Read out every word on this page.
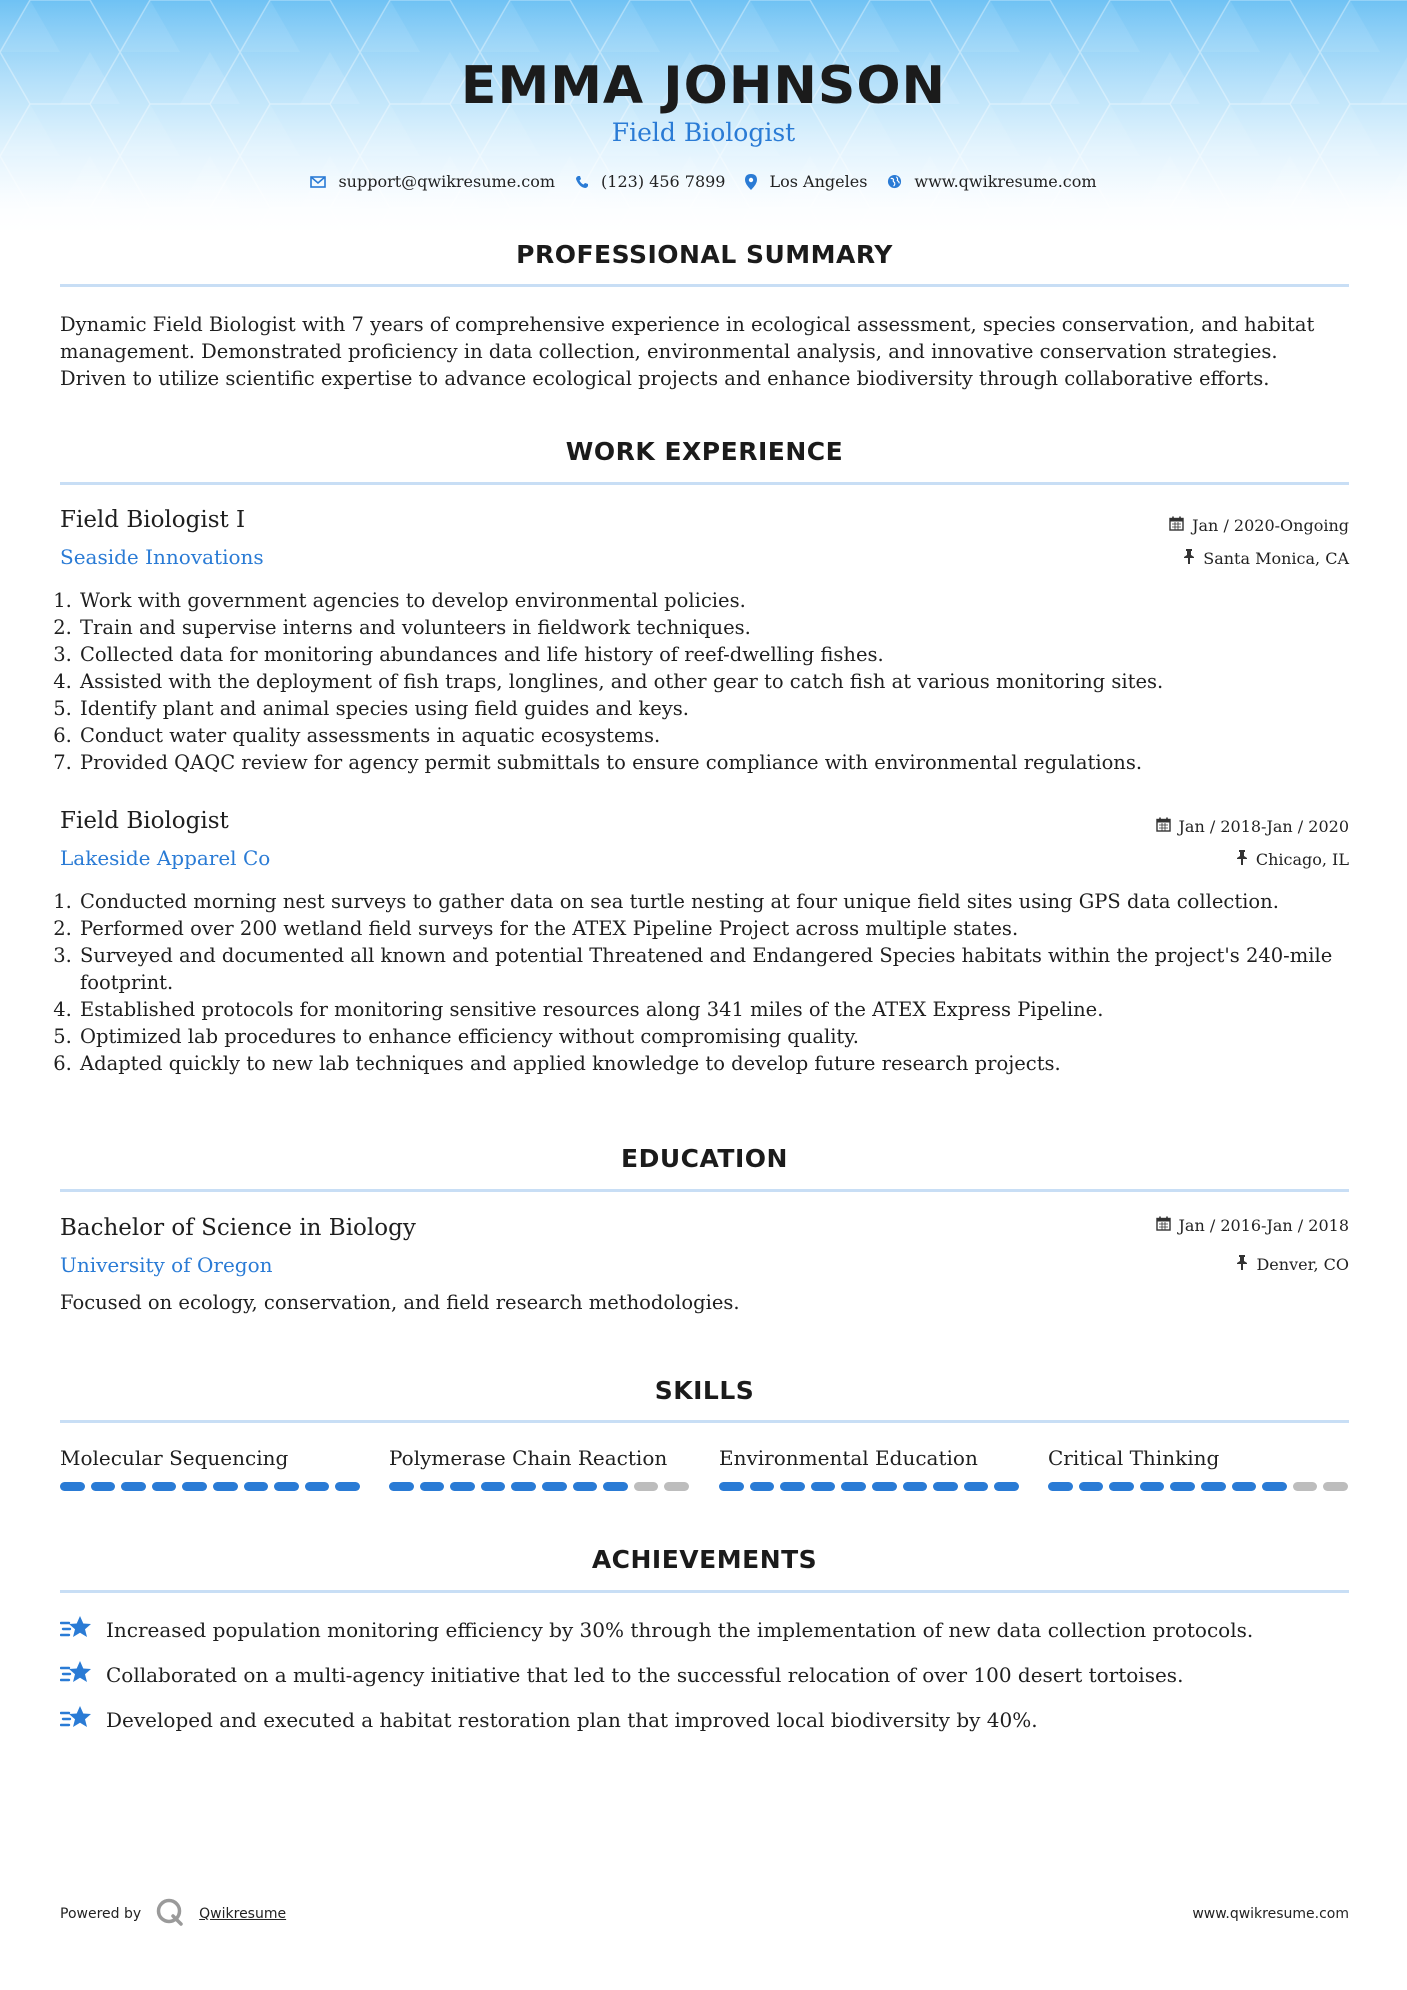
EMMA JOHNSON
Field Biologist
support@qwikresume.com	(123) 456 7899	Los Angeles	www.qwikresume.com
PROFESSIONAL SUMMARY
Dynamic Field Biologist with 7 years of comprehensive experience in ecological assessment, species conservation, and habitat management. Demonstrated proficiency in data collection, environmental analysis, and innovative conservation strategies. Driven to utilize scientific expertise to advance ecological projects and enhance biodiversity through collaborative efforts.
WORK EXPERIENCE
Field Biologist I
Seaside Innovations
Jan / 2020-Ongoing
Santa Monica, CA
1. Work with government agencies to develop environmental policies.
2. Train and supervise interns and volunteers in fieldwork techniques.
3. Collected data for monitoring abundances and life history of reef-dwelling fishes.
4. Assisted with the deployment of fish traps, longlines, and other gear to catch fish at various monitoring sites.
5. Identify plant and animal species using field guides and keys.
6. Conduct water quality assessments in aquatic ecosystems.
7. Provided QAQC review for agency permit submittals to ensure compliance with environmental regulations.
Field Biologist
Lakeside Apparel Co
Jan / 2018-Jan / 2020
Chicago, IL
1. Conducted morning nest surveys to gather data on sea turtle nesting at four unique field sites using GPS data collection.
2. Performed over 200 wetland field surveys for the ATEX Pipeline Project across multiple states.
3. Surveyed and documented all known and potential Threatened and Endangered Species habitats within the project's 240-mile footprint.
4. Established protocols for monitoring sensitive resources along 341 miles of the ATEX Express Pipeline.
5. Optimized lab procedures to enhance efficiency without compromising quality.
6. Adapted quickly to new lab techniques and applied knowledge to develop future research projects.
EDUCATION
Bachelor of Science in Biology
University of Oregon
Jan / 2016-Jan / 2018
Denver, CO
Focused on ecology, conservation, and field research methodologies.
SKILLS
Molecular Sequencing	Polymerase Chain Reaction	Environmental Education	Critical Thinking
ACHIEVEMENTS
Increased population monitoring efficiency by 30% through the implementation of new data collection protocols.
Collaborated on a multi-agency initiative that led to the successful relocation of over 100 desert tortoises.
Developed and executed a habitat restoration plan that improved local biodiversity by 40%.
Powered by	Qwikresume	www.qwikresume.com
